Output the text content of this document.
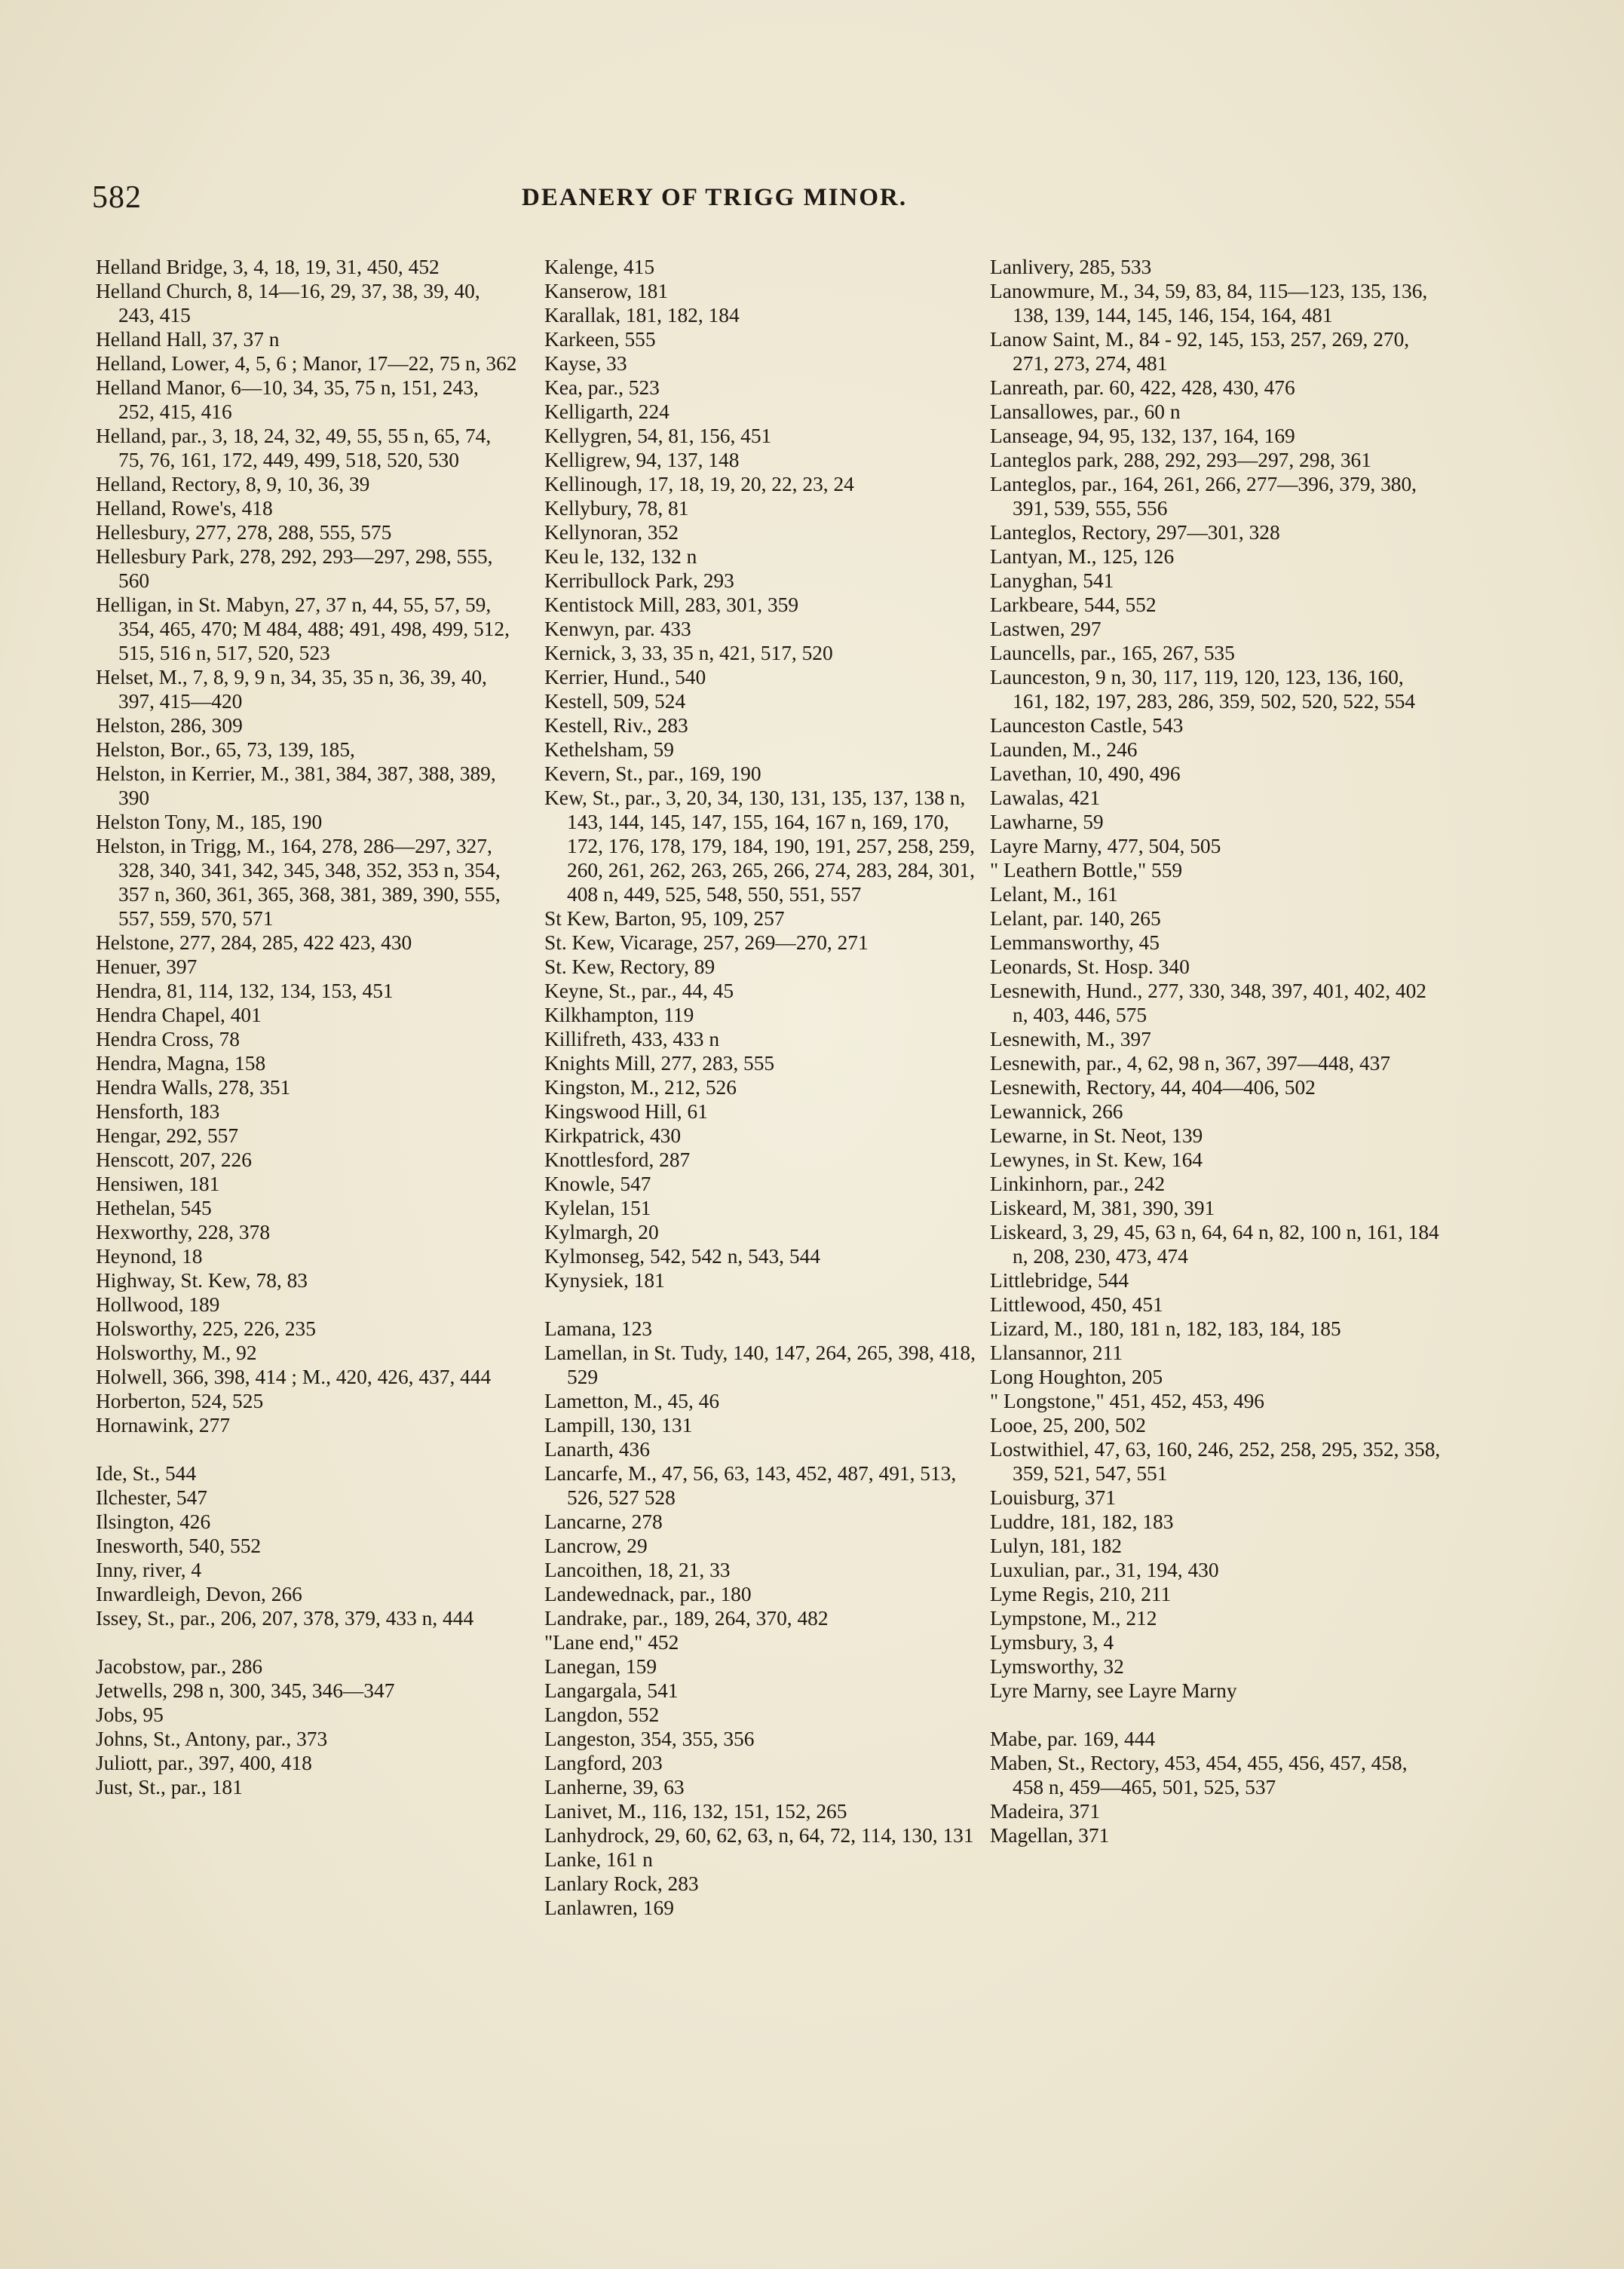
582	DEANERY OF TRIGG MINOR.
Helland Bridge, 3, 4, 18, 19, 31, 450, 452
Helland Church, 8, 14—16, 29, 37, 38, 39, 40, 243, 415
Helland Hall, 37, 37 n
Helland, Lower, 4, 5, 6 ; Manor, 17—22, 75 n, 362
Helland Manor, 6—10, 34, 35, 75 n, 151, 243, 252, 415, 416
Helland, par., 3, 18, 24, 32, 49, 55, 55 n, 65, 74, 75, 76, 161, 172, 449, 499, 518, 520, 530
Helland, Rectory, 8, 9, 10, 36, 39
Helland, Rowe's, 418
Hellesbury, 277, 278, 288, 555, 575
Hellesbury Park, 278, 292, 293—297, 298, 555, 560
Helligan, in St. Mabyn, 27, 37 n, 44, 55, 57, 59, 354, 465, 470; M 484, 488; 491, 498, 499, 512, 515, 516 n, 517, 520, 523
Helset, M., 7, 8, 9, 9 n, 34, 35, 35 n, 36, 39, 40, 397, 415—420
Helston, 286, 309
Helston, Bor., 65, 73, 139, 185,
Helston, in Kerrier, M., 381, 384, 387, 388, 389, 390
Helston Tony, M., 185, 190
Helston, in Trigg, M., 164, 278, 286—297, 327, 328, 340, 341, 342, 345, 348, 352, 353 n, 354, 357 n, 360, 361, 365, 368, 381, 389, 390, 555, 557, 559, 570, 571
Helstone, 277, 284, 285, 422 423, 430
Henuer, 397
Hendra, 81, 114, 132, 134, 153, 451
Hendra Chapel, 401
Hendra Cross, 78
Hendra, Magna, 158
Hendra Walls, 278, 351
Hensforth, 183
Hengar, 292, 557
Henscott, 207, 226
Hensiwen, 181
Hethelan, 545
Hexworthy, 228, 378
Heynond, 18
Highway, St. Kew, 78, 83
Hollwood, 189
Holsworthy, 225, 226, 235
Holsworthy, M., 92
Holwell, 366, 398, 414 ; M., 420, 426, 437, 444
Horberton, 524, 525
Hornawink, 277
Ide, St., 544
Ilchester, 547
Ilsington, 426
Inesworth, 540, 552
Inny, river, 4
Inwardleigh, Devon, 266
Issey, St., par., 206, 207, 378, 379, 433 n, 444
Jacobstow, par., 286
Jetwells, 298 n, 300, 345, 346—347
Jobs, 95
Johns, St., Antony, par., 373
Juliott, par., 397, 400, 418
Just, St., par., 181
Kalenge, 415
Kanserow, 181
Karallak, 181, 182, 184
Karkeen, 555
Kayse, 33
Kea, par., 523
Kelligarth, 224
Kellygren, 54, 81, 156, 451
Kelligrew, 94, 137, 148
Kellinough, 17, 18, 19, 20, 22, 23, 24
Kellybury, 78, 81
Kellynoran, 352
Keu le, 132, 132 n
Kerribullock Park, 293
Kentistock Mill, 283, 301, 359
Kenwyn, par. 433
Kernick, 3, 33, 35 n, 421, 517, 520
Kerrier, Hund., 540
Kestell, 509, 524
Kestell, Riv., 283
Kethelsham, 59
Kevern, St., par., 169, 190
Kew, St., par., 3, 20, 34, 130, 131, 135, 137, 138 n, 143, 144, 145, 147, 155, 164, 167 n, 169, 170, 172, 176, 178, 179, 184, 190, 191, 257, 258, 259, 260, 261, 262, 263, 265, 266, 274, 283, 284, 301, 408 n, 449, 525, 548, 550, 551, 557
St Kew, Barton, 95, 109, 257
St. Kew, Vicarage, 257, 269—270, 271
St. Kew, Rectory, 89
Keyne, St., par., 44, 45
Kilkhampton, 119
Killifreth, 433, 433 n
Knights Mill, 277, 283, 555
Kingston, M., 212, 526
Kingswood Hill, 61
Kirkpatrick, 430
Knottlesford, 287
Knowle, 547
Kylelan, 151
Kylmargh, 20
Kylmonseg, 542, 542 n, 543, 544
Kynysiek, 181
Lamana, 123
Lamellan, in St. Tudy, 140, 147, 264, 265, 398, 418, 529
Lametton, M., 45, 46
Lampill, 130, 131
Lanarth, 436
Lancarfe, M., 47, 56, 63, 143, 452, 487, 491, 513, 526, 527 528
Lancarne, 278
Lancrow, 29
Lancoithen, 18, 21, 33
Landewednack, par., 180
Landrake, par., 189, 264, 370, 482
"Lane end," 452
Lanegan, 159
Langargala, 541
Langdon, 552
Langeston, 354, 355, 356
Langford, 203
Lanherne, 39, 63
Lanivet, M., 116, 132, 151, 152, 265
Lanhydrock, 29, 60, 62, 63, n, 64, 72, 114, 130, 131
Lanke, 161 n
Lanlary Rock, 283
Lanlawren, 169
Lanlivery, 285, 533
Lanowmure, M., 34, 59, 83, 84, 115—123, 135, 136, 138, 139, 144, 145, 146, 154, 164, 481
Lanow Saint, M., 84 - 92, 145, 153, 257, 269, 270, 271, 273, 274, 481
Lanreath, par. 60, 422, 428, 430, 476
Lansallowes, par., 60 n
Lanseage, 94, 95, 132, 137, 164, 169
Lanteglos park, 288, 292, 293—297, 298, 361
Lanteglos, par., 164, 261, 266, 277—396, 379, 380, 391, 539, 555, 556
Lanteglos, Rectory, 297—301, 328
Lantyan, M., 125, 126
Lanyghan, 541
Larkbeare, 544, 552
Lastwen, 297
Launcells, par., 165, 267, 535
Launceston, 9 n, 30, 117, 119, 120, 123, 136, 160, 161, 182, 197, 283, 286, 359, 502, 520, 522, 554
Launceston Castle, 543
Launden, M., 246
Lavethan, 10, 490, 496
Lawalas, 421
Lawharne, 59
Layre Marny, 477, 504, 505
" Leathern Bottle," 559
Lelant, M., 161
Lelant, par. 140, 265
Lemmansworthy, 45
Leonards, St. Hosp. 340
Lesnewith, Hund., 277, 330, 348, 397, 401, 402, 402 n, 403, 446, 575
Lesnewith, M., 397
Lesnewith, par., 4, 62, 98 n, 367, 397—448, 437
Lesnewith, Rectory, 44, 404—406, 502
Lewannick, 266
Lewarne, in St. Neot, 139
Lewynes, in St. Kew, 164
Linkinhorn, par., 242
Liskeard, M, 381, 390, 391
Liskeard, 3, 29, 45, 63 n, 64, 64 n, 82, 100 n, 161, 184 n, 208, 230, 473, 474
Littlebridge, 544
Littlewood, 450, 451
Lizard, M., 180, 181 n, 182, 183, 184, 185
Llansannor, 211
Long Houghton, 205
" Longstone," 451, 452, 453, 496
Looe, 25, 200, 502
Lostwithiel, 47, 63, 160, 246, 252, 258, 295, 352, 358, 359, 521, 547, 551
Louisburg, 371
Luddre, 181, 182, 183
Lulyn, 181, 182
Luxulian, par., 31, 194, 430
Lyme Regis, 210, 211
Lympstone, M., 212
Lymsbury, 3, 4
Lymsworthy, 32
Lyre Marny, see Layre Marny
Mabe, par. 169, 444
Maben, St., Rectory, 453, 454, 455, 456, 457, 458, 458 n, 459—465, 501, 525, 537
Madeira, 371
Magellan, 371
